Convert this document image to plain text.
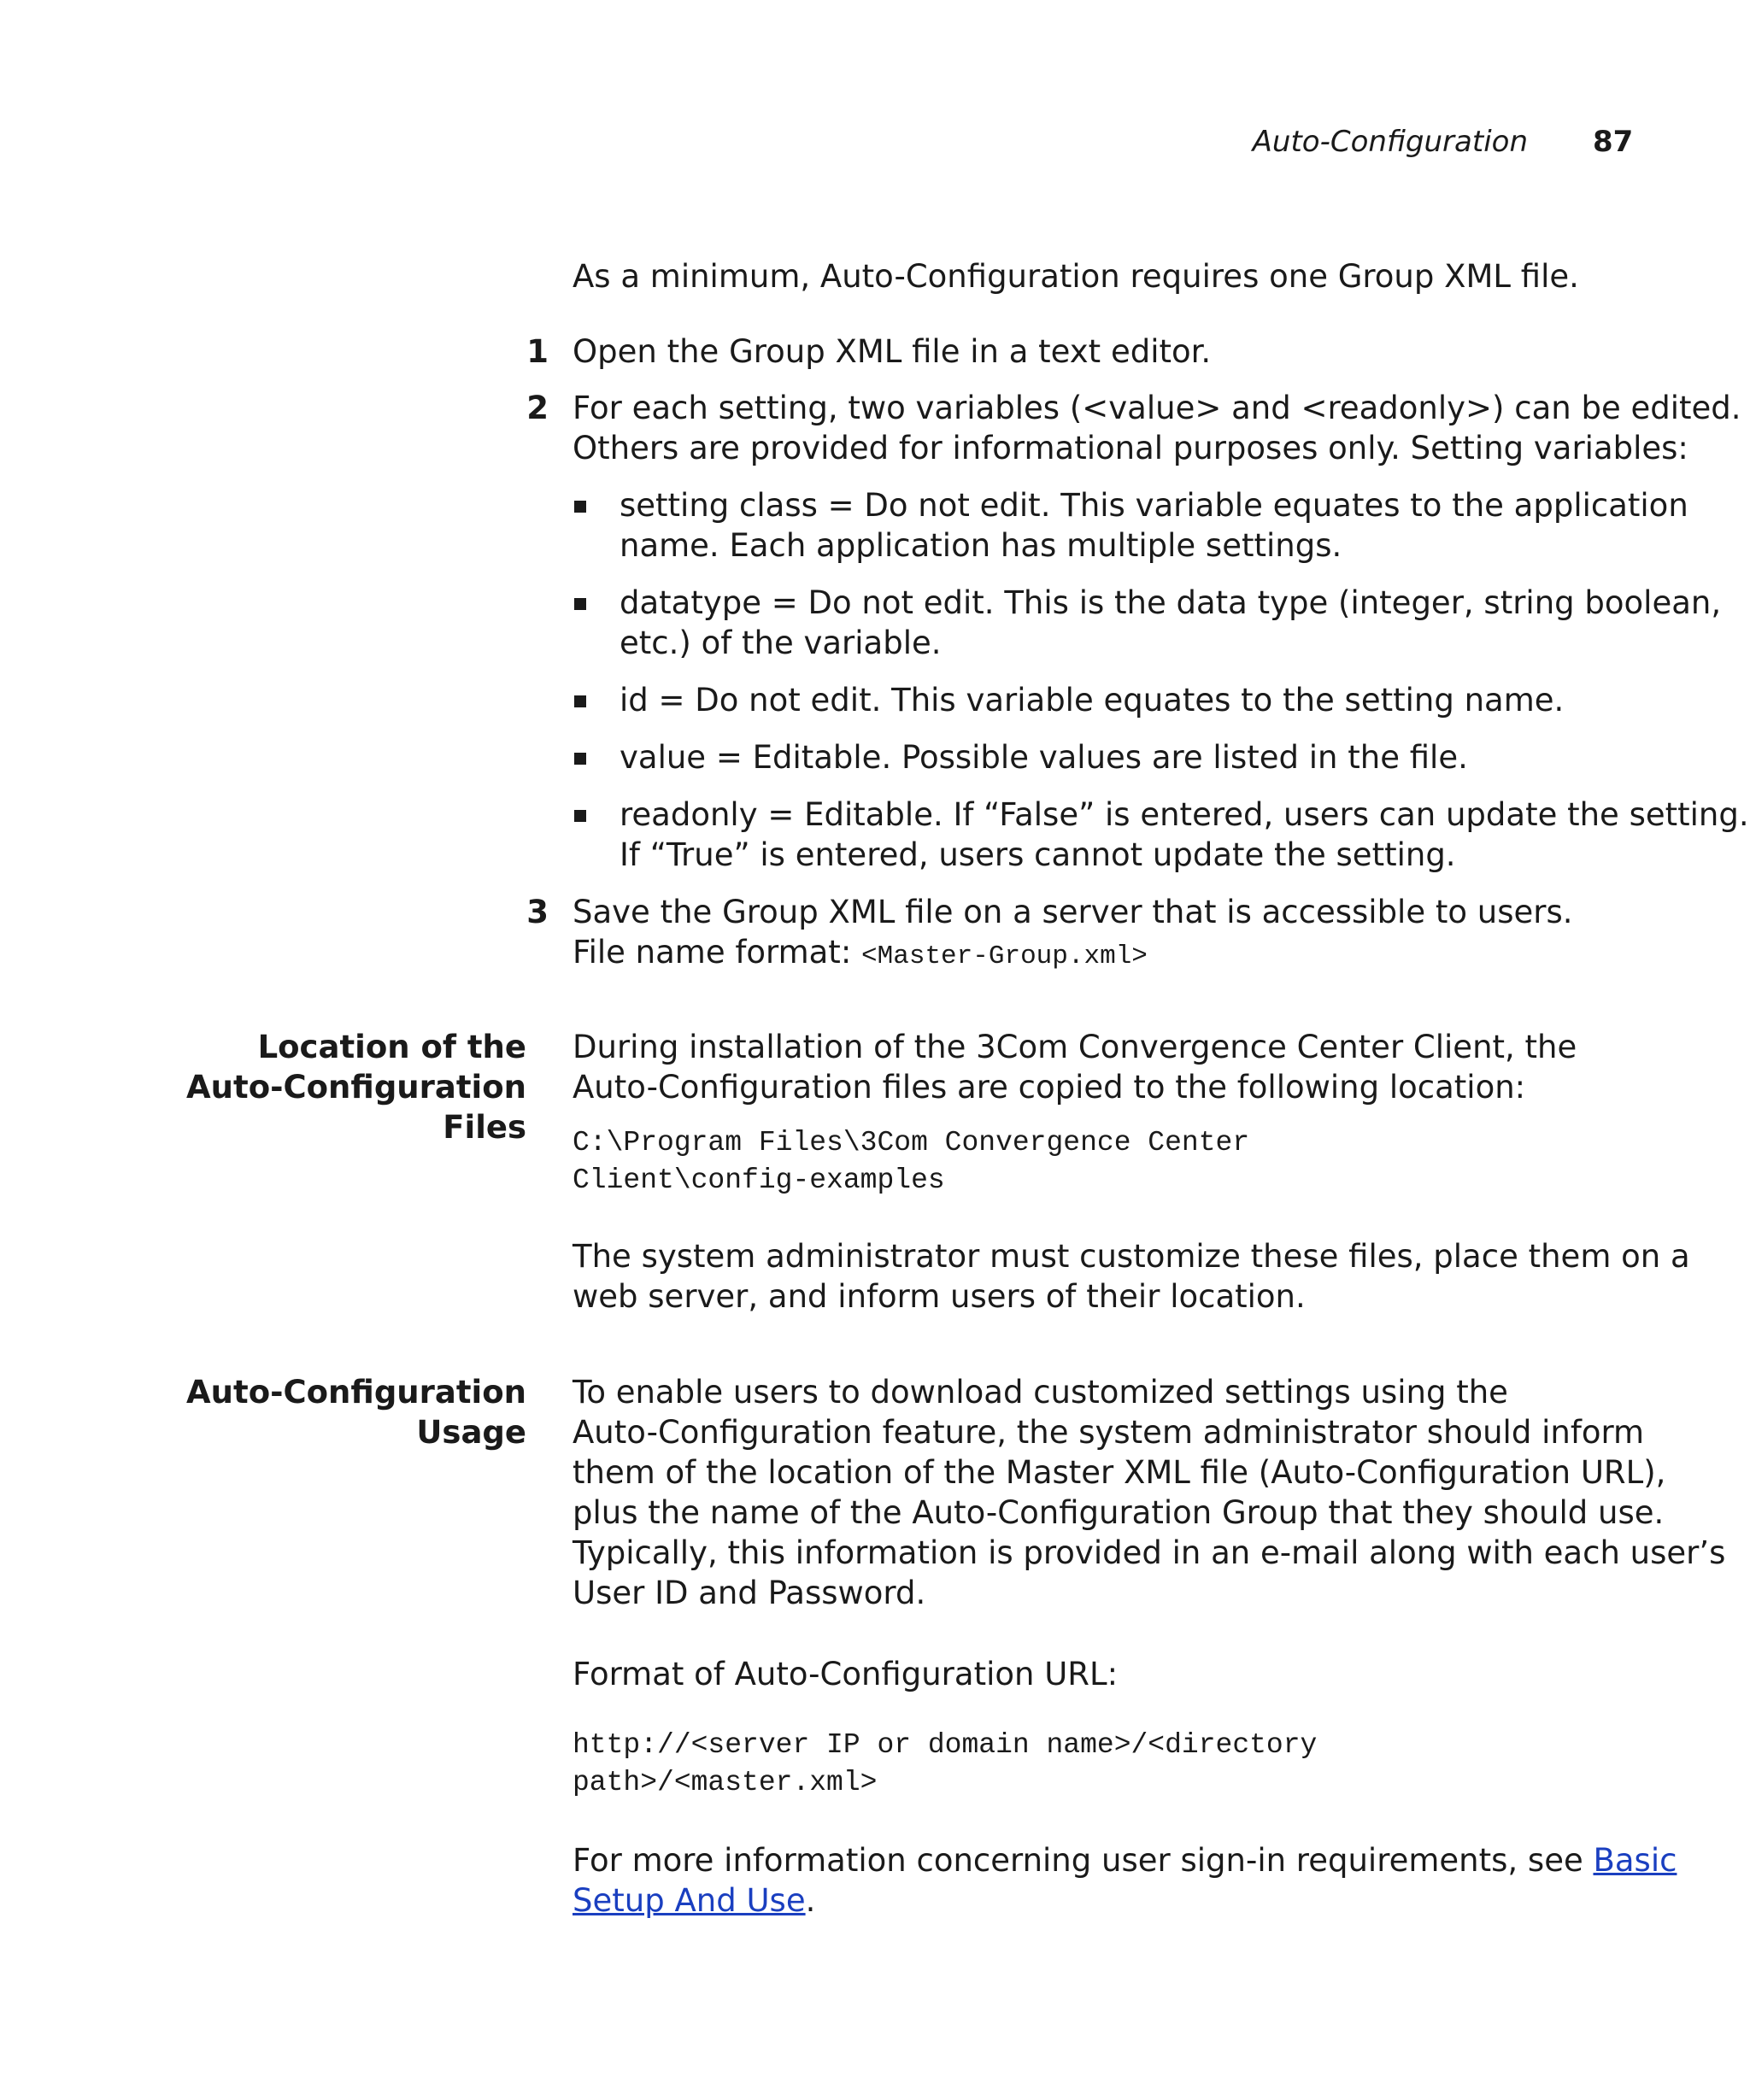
Auto-Configuration 87

As a minimum, Auto-Configuration requires one Group XML file.

1 Open the Group XML file in a text editor.

2 For each setting, two variables (<value> and <readonly>) can be edited.
Others are provided for informational purposes only. Setting variables:

setting class = Do not edit. This variable equates to the application
name. Each application has multiple settings.

datatype = Do not edit. This is the data type (integer, string boolean,
etc.) of the variable.

id = Do not edit. This variable equates to the setting name.

value = Editable. Possible values are listed in the file.

readonly = Editable. If “False” is entered, users can update the setting.
If “True” is entered, users cannot update the setting.

3 Save the Group XML file on a server that is accessible to users.
File name format: <Master-Group.xml>

Location of the
Auto-Configuration
Files

During installation of the 3Com Convergence Center Client, the
Auto-Configuration files are copied to the following location:

C:\Program Files\3Com Convergence Center
Client\config-examples

The system administrator must customize these files, place them on a
web server, and inform users of their location.

Auto-Configuration
Usage

To enable users to download customized settings using the
Auto-Configuration feature, the system administrator should inform
them of the location of the Master XML file (Auto-Configuration URL),
plus the name of the Auto-Configuration Group that they should use.
Typically, this information is provided in an e-mail along with each user’s
User ID and Password.

Format of Auto-Configuration URL:

http://<server IP or domain name>/<directory
path>/<master.xml>

For more information concerning user sign-in requirements, see Basic
Setup And Use.
